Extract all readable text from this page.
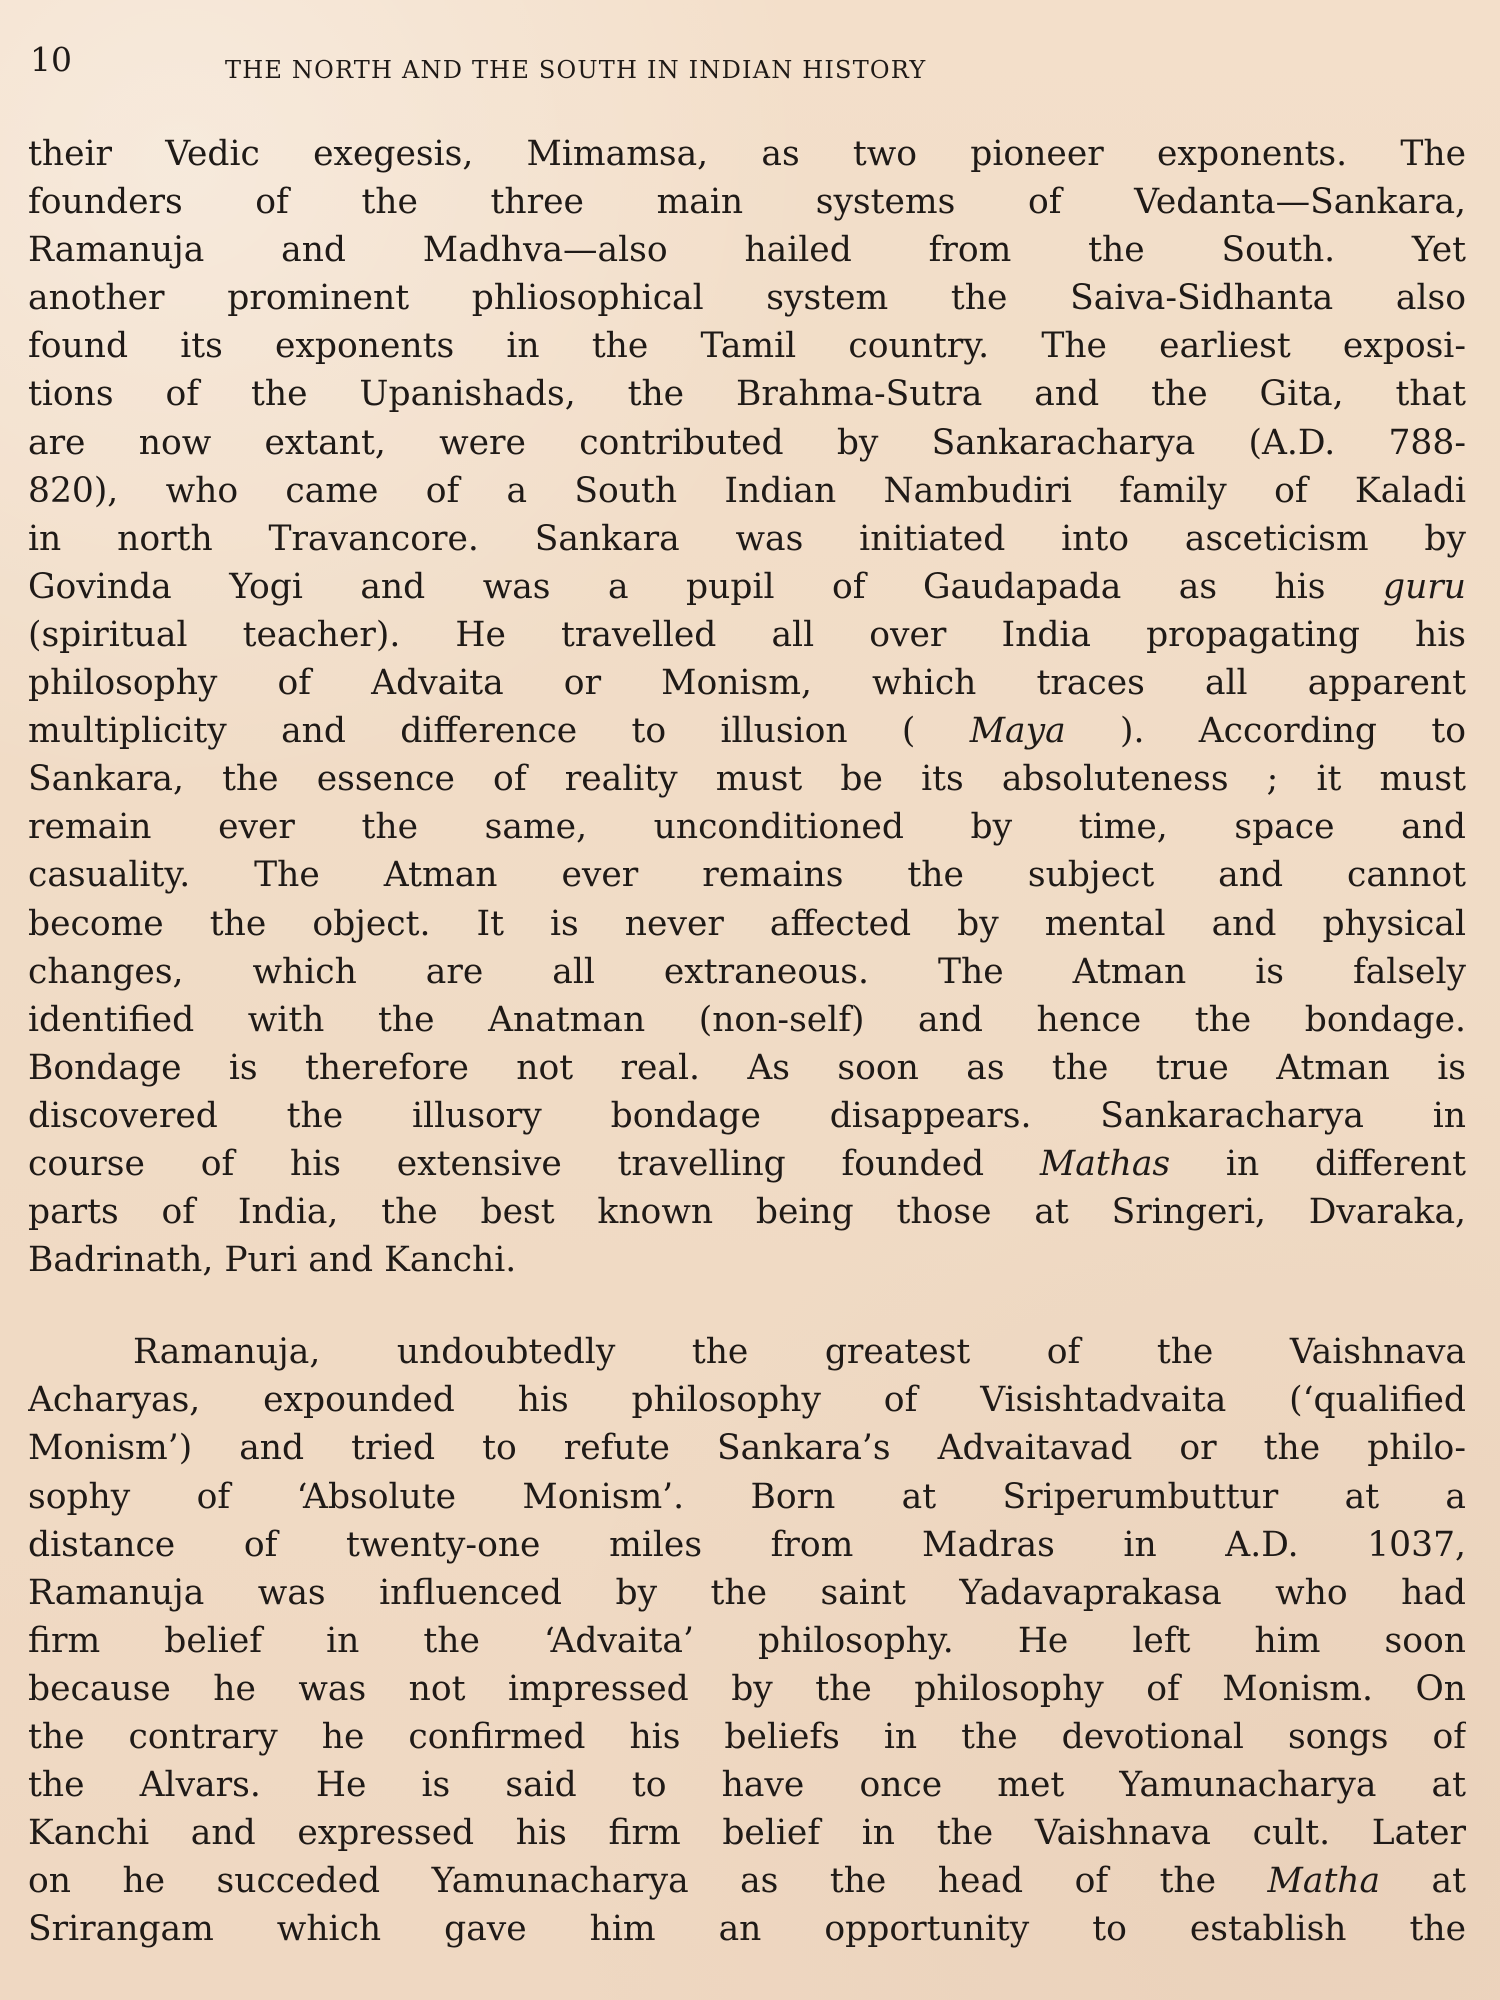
10	THE NORTH AND THE SOUTH IN INDIAN HISTORY
their Vedic exegesis, Mimamsa, as two pioneer exponents. The
founders of the three main systems of Vedanta—Sankara,
Ramanuja and Madhva—also hailed from the South. Yet
another prominent phliosophical system the Saiva-Sidhanta also
found its exponents in the Tamil country. The earliest exposi-
tions of the Upanishads, the Brahma-Sutra and the Gita, that
are now extant, were contributed by Sankaracharya (A.D. 788-
820), who came of a South Indian Nambudiri family of Kaladi
in north Travancore. Sankara was initiated into asceticism by
Govinda Yogi and was a pupil of Gaudapada as his guru
(spiritual teacher). He travelled all over India propagating his
philosophy of Advaita or Monism, which traces all apparent
multiplicity and difference to illusion ( Maya ). According to
Sankara, the essence of reality must be its absoluteness ; it must
remain ever the same, unconditioned by time, space and
casuality. The Atman ever remains the subject and cannot
become the object. It is never affected by mental and physical
changes, which are all extraneous. The Atman is falsely
identified with the Anatman (non-self) and hence the bondage.
Bondage is therefore not real. As soon as the true Atman is
discovered the illusory bondage disappears. Sankaracharya in
course of his extensive travelling founded Mathas in different
parts of India, the best known being those at Sringeri, Dvaraka,
Badrinath, Puri and Kanchi.
Ramanuja, undoubtedly the greatest of the Vaishnava
Acharyas, expounded his philosophy of Visishtadvaita (‘qualified
Monism’) and tried to refute Sankara’s Advaitavad or the philo-
sophy of ‘Absolute Monism’. Born at Sriperumbuttur at a
distance of twenty-one miles from Madras in A.D. 1037,
Ramanuja was influenced by the saint Yadavaprakasa who had
firm belief in the ‘Advaita’ philosophy. He left him soon
because he was not impressed by the philosophy of Monism. On
the contrary he confirmed his beliefs in the devotional songs of
the Alvars. He is said to have once met Yamunacharya at
Kanchi and expressed his firm belief in the Vaishnava cult. Later
on he succeded Yamunacharya as the head of the Matha at
Srirangam which gave him an opportunity to establish the
